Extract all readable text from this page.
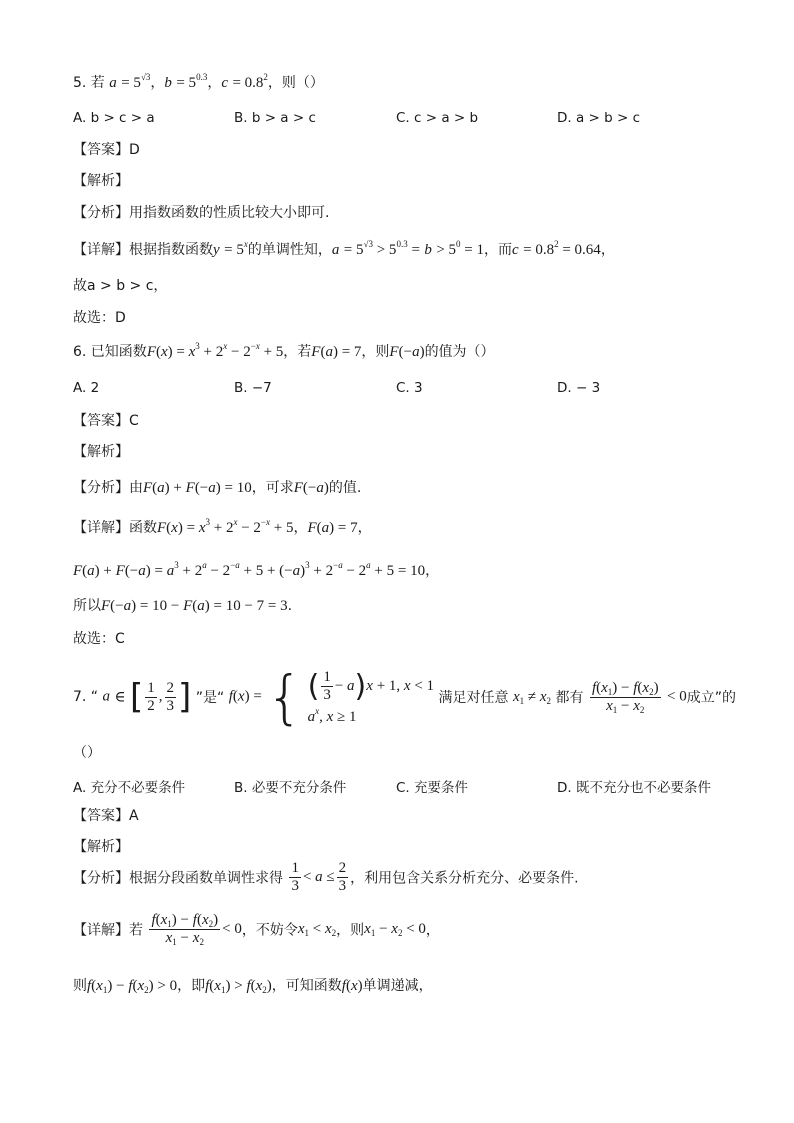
5. 若 $a = 5^{√3}$，$b = 5^{0.3}$，$c = 0.8^2$，则（）
A. b > c > a	B. b > a > c	C. c > a > b	D. a > b > c
【答案】D
【解析】
【分析】用指数函数的性质比较大小即可.
【详解】根据指数函数$y = 5^x$的单调性知，$a = 5^{√3} > 5^{0.3} = b > 5^0 = 1$，而$c = 0.8^2 = 0.64$，
故a > b > c，
故选：D
6. 已知函数$F(x) = x^3 + 2^x - 2^{-x} + 5$，若F(a) = 7，则F(−a)的值为（）
A. 2	B. −7	C. 3	D. − 3
【答案】C
【解析】
【分析】由F(a) + F(−a) = 10，可求F(−a)的值.
【详解】函数$F(x) = x^3 + 2^x - 2^{-x} + 5$，F(a) = 7，
$F(a) + F(-a) = a^3 + 2^a - 2^{-a} + 5 + (-a)^3 + 2^{-a} - 2^a + 5 = 10$，
所以F(−a) = 10 − F(a) = 10 − 7 = 3.
故选：C
7. “ a ∈ [ $\frac{1}{2}$ , $\frac{2}{3}$ ] ”是“ f(x) = { ( $\frac{1}{3} - a)x + 1$, x < 1
$a^x$, x ≥ 1
满足对任意 $x_1 \ne x_2$ 都有 $\frac{f(x_1) - f(x_2)}{x_1 - x_2} < 0$成立”的
（）
A. 充分不必要条件	B. 必要不充分条件	C. 充要条件	D. 既不充分也不必要条件
【答案】A
【解析】
【分析】根据分段函数单调性求得 $\frac{1}{3} < a \le \frac{2}{3}$ ，利用包含关系分析充分、必要条件.
【详解】若 $\frac{f(x_1) - f(x_2)}{x_1 - x_2} < 0$，不妨令$x_1 < x_2$，则$x_1 - x_2 < 0$，
则$f(x_1) - f(x_2) > 0$，即$f(x_1) > f(x_2)$，可知函数f(x)单调递减，
